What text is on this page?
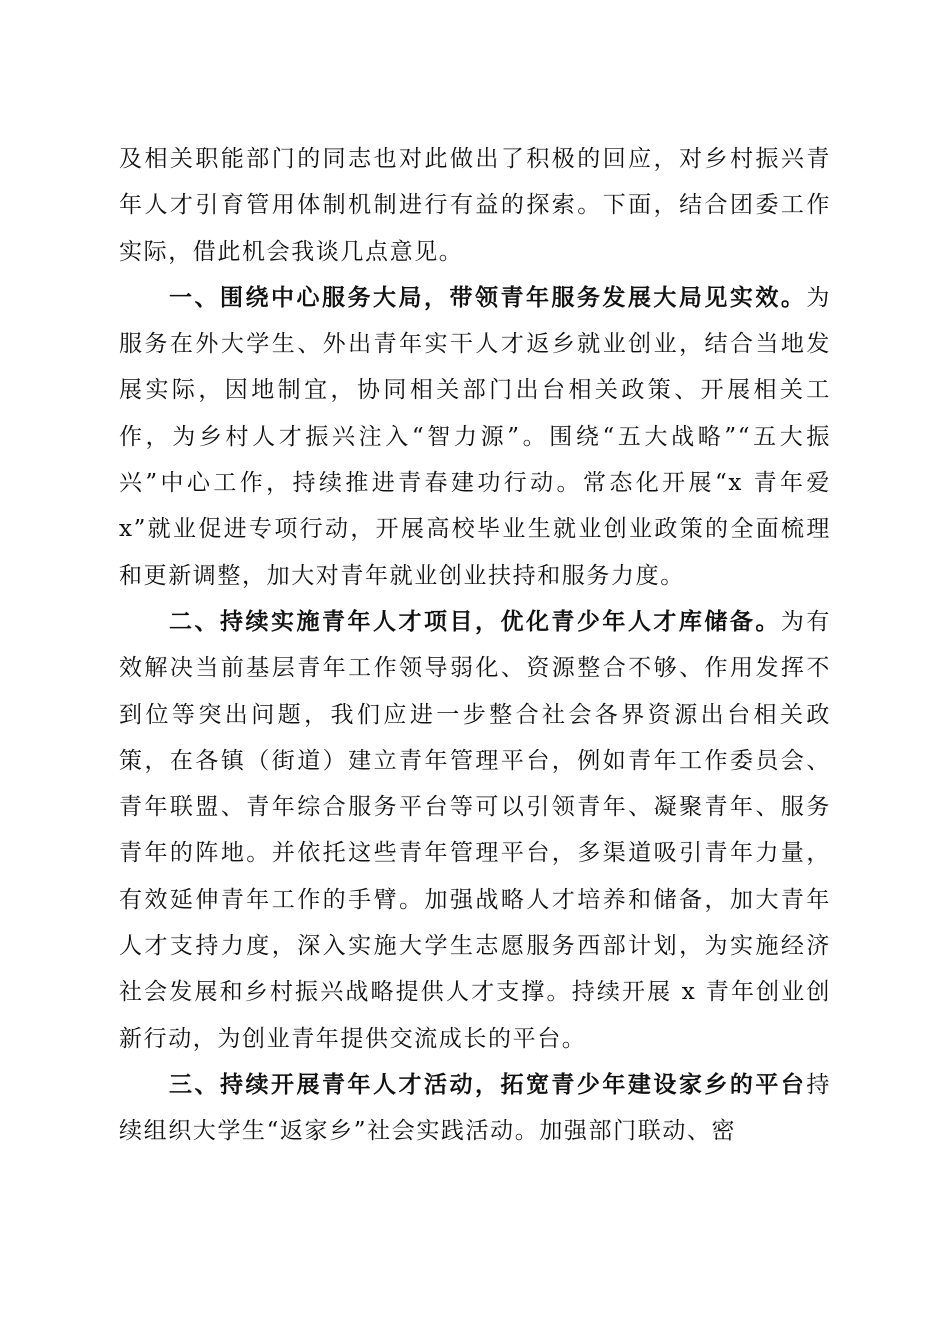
及相关职能部门的同志也对此做出了积极的回应，对乡村振兴青年人才引育管用体制机制进行有益的探索。下面，结合团委工作实际，借此机会我谈几点意见。

一、围绕中心服务大局，带领青年服务发展大局见实效。为服务在外大学生、外出青年实干人才返乡就业创业，结合当地发展实际，因地制宜，协同相关部门出台相关政策、开展相关工作，为乡村人才振兴注入“智力源”。围绕“五大战略”“五大振兴”中心工作，持续推进青春建功行动。常态化开展“x 青年爱 x”就业促进专项行动，开展高校毕业生就业创业政策的全面梳理和更新调整，加大对青年就业创业扶持和服务力度。

二、持续实施青年人才项目，优化青少年人才库储备。为有效解决当前基层青年工作领导弱化、资源整合不够、作用发挥不到位等突出问题，我们应进一步整合社会各界资源出台相关政策，在各镇（街道）建立青年管理平台，例如青年工作委员会、青年联盟、青年综合服务平台等可以引领青年、凝聚青年、服务青年的阵地。并依托这些青年管理平台，多渠道吸引青年力量，有效延伸青年工作的手臂。加强战略人才培养和储备，加大青年人才支持力度，深入实施大学生志愿服务西部计划，为实施经济社会发展和乡村振兴战略提供人才支撑。持续开展 x 青年创业创新行动，为创业青年提供交流成长的平台。

三、持续开展青年人才活动，拓宽青少年建设家乡的平台持续组织大学生“返家乡”社会实践活动。加强部门联动、密
